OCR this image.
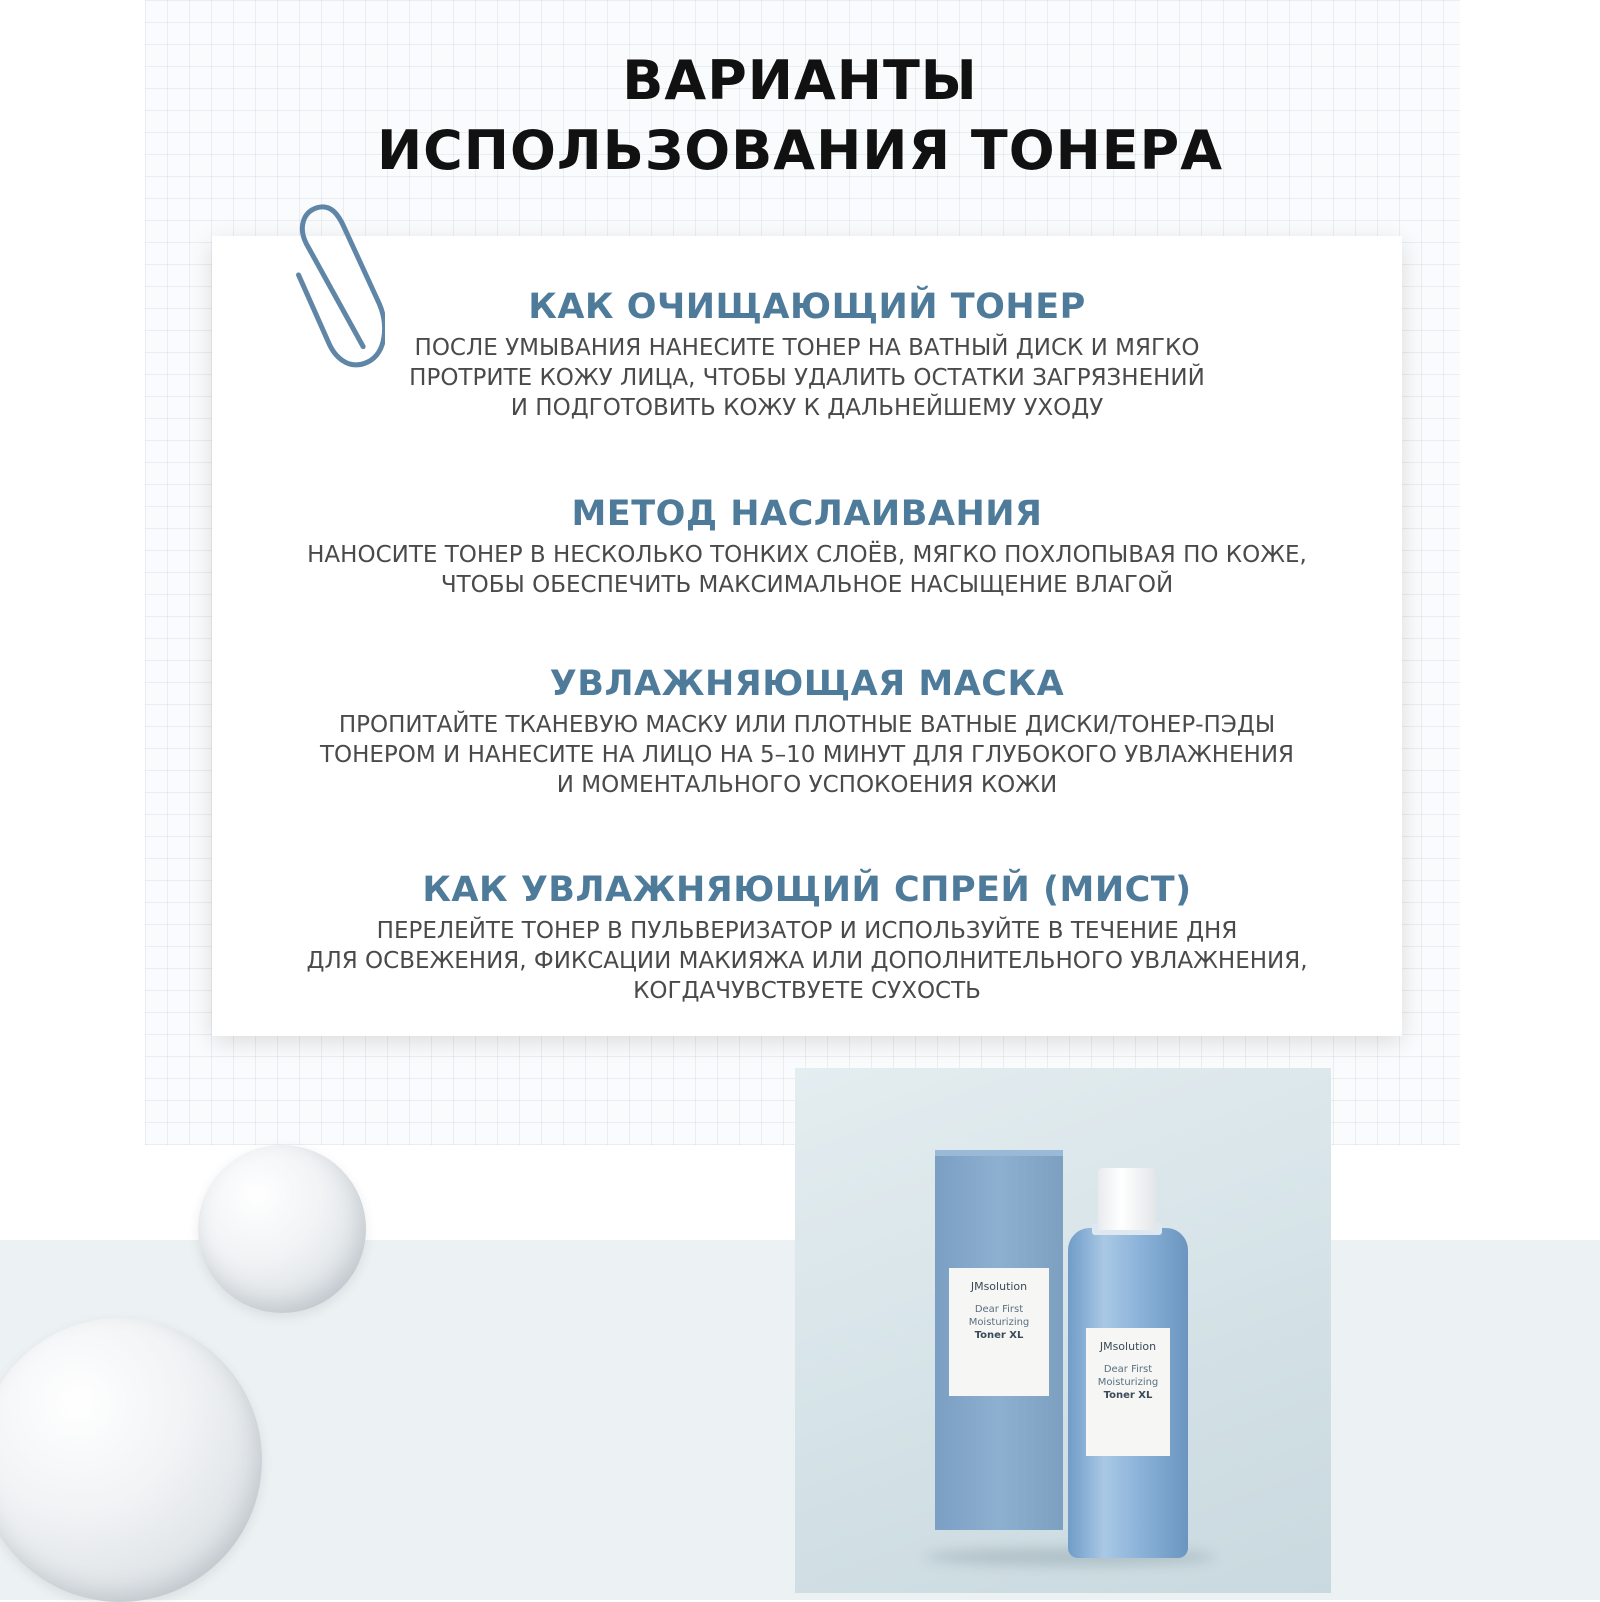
ВАРИАНТЫ
ИСПОЛЬЗОВАНИЯ ТОНЕРА
КАК ОЧИЩАЮЩИЙ ТОНЕР

ПОСЛЕ УМЫВАНИЯ НАНЕСИТЕ ТОНЕР НА ВАТНЫЙ ДИСК И МЯГКО
ПРОТРИТЕ КОЖУ ЛИЦА, ЧТОБЫ УДАЛИТЬ ОСТАТКИ ЗАГРЯЗНЕНИЙ
И ПОДГОТОВИТЬ КОЖУ К ДАЛЬНЕЙШЕМУ УХОДУ

МЕТОД НАСЛАИВАНИЯ

НАНОСИТЕ ТОНЕР В НЕСКОЛЬКО ТОНКИХ СЛОЁВ, МЯГКО ПОХЛОПЫВАЯ ПО КОЖЕ,
ЧТОБЫ ОБЕСПЕЧИТЬ МАКСИМАЛЬНОЕ НАСЫЩЕНИЕ ВЛАГОЙ

УВЛАЖНЯЮЩАЯ МАСКА

ПРОПИТАЙТЕ ТКАНЕВУЮ МАСКУ ИЛИ ПЛОТНЫЕ ВАТНЫЕ ДИСКИ/ТОНЕР-ПЭДЫ
ТОНЕРОМ И НАНЕСИТЕ НА ЛИЦО НА 5–10 МИНУТ ДЛЯ ГЛУБОКОГО УВЛАЖНЕНИЯ
И МОМЕНТАЛЬНОГО УСПОКОЕНИЯ КОЖИ

КАК УВЛАЖНЯЮЩИЙ СПРЕЙ (МИСТ)

ПЕРЕЛЕЙТЕ ТОНЕР В ПУЛЬВЕРИЗАТОР И ИСПОЛЬЗУЙТЕ В ТЕЧЕНИЕ ДНЯ
ДЛЯ ОСВЕЖЕНИЯ, ФИКСАЦИИ МАКИЯЖА ИЛИ ДОПОЛНИТЕЛЬНОГО УВЛАЖНЕНИЯ,
КОГДАЧУВСТВУЕТЕ СУХОСТЬ

JMsolution
Dear First Moisturizing
Toner XL
JMsolution
Dear First Moisturizing
Toner XL
